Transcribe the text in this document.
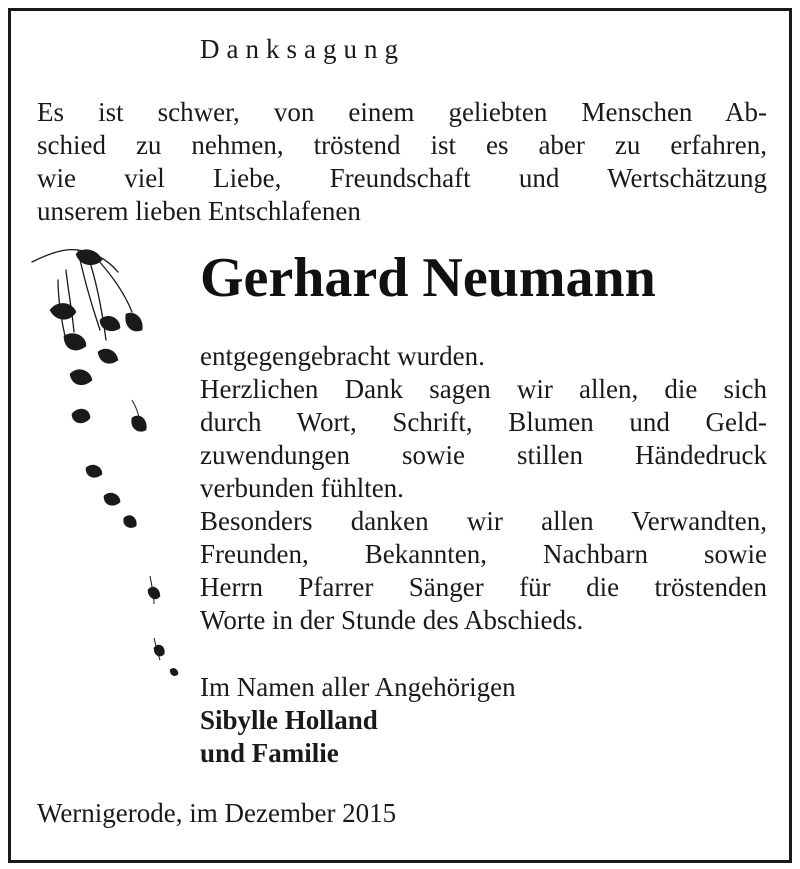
Danksagung
Es ist schwer, von einem geliebten Menschen Ab-
schied zu nehmen, tröstend ist es aber zu erfahren,
wie viel Liebe, Freundschaft und Wertschätzung
unserem lieben Entschlafenen
Gerhard Neumann
entgegengebracht wurden.
Herzlichen Dank sagen wir allen, die sich
durch Wort, Schrift, Blumen und Geld-
zuwendungen sowie stillen Händedruck
verbunden fühlten.
Besonders danken wir allen Verwandten,
Freunden, Bekannten, Nachbarn sowie
Herrn Pfarrer Sänger für die tröstenden
Worte in der Stunde des Abschieds.
Im Namen aller Angehörigen
Sibylle Holland
und Familie
Wernigerode, im Dezember 2015
